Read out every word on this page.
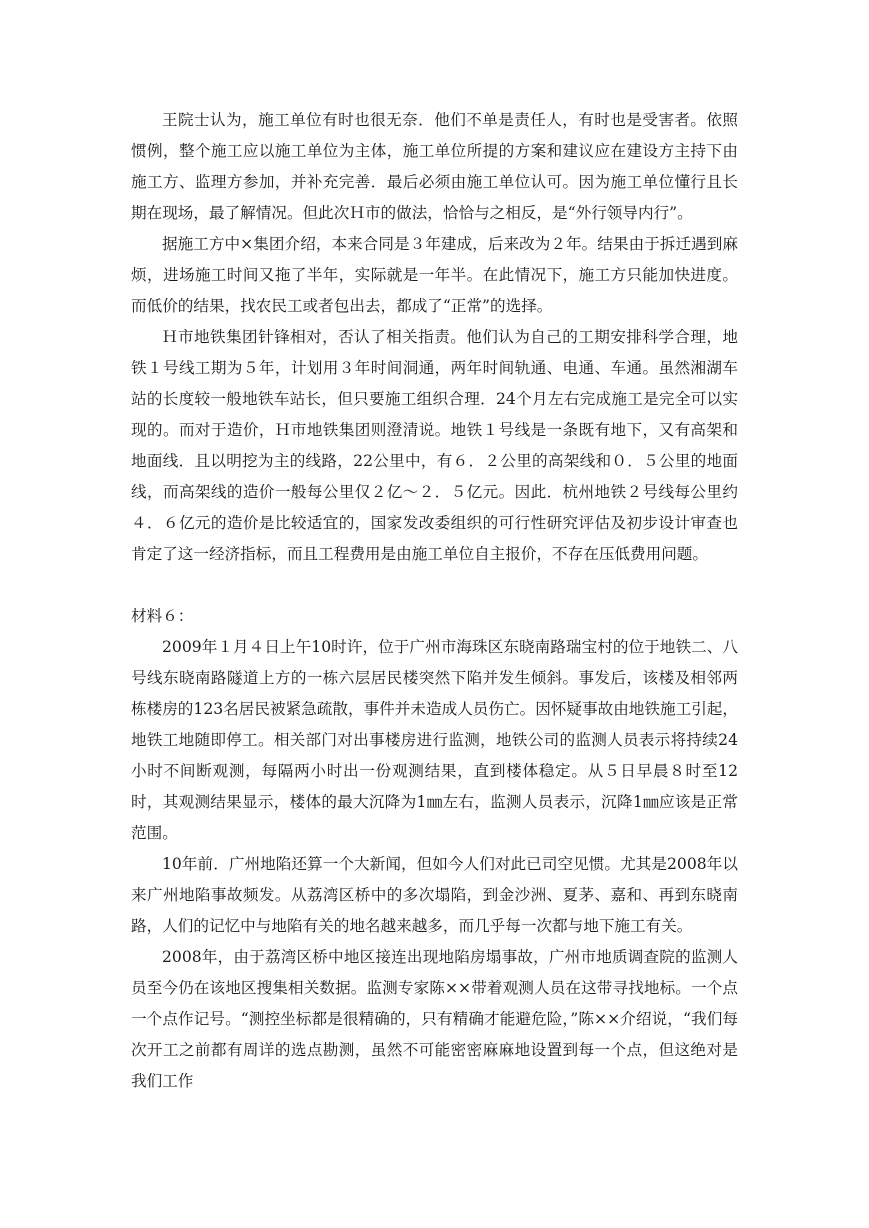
王院士认为，施工单位有时也很无奈．他们不单是责任人，有时也是受害者。依照惯例，整个施工应以施工单位为主体，施工单位所提的方案和建议应在建设方主持下由施工方、监理方参加，并补充完善．最后必须由施工单位认可。因为施工单位懂行且长期在现场，最了解情况。但此次Ｈ市的做法，恰恰与之相反，是“外行领导内行”。

据施工方中×集团介绍，本来合同是３年建成，后来改为２年。结果由于拆迁遇到麻烦，进场施工时间又拖了半年，实际就是一年半。在此情况下，施工方只能加快进度。而低价的结果，找农民工或者包出去，都成了“正常”的选择。

Ｈ市地铁集团针锋相对，否认了相关指责。他们认为自己的工期安排科学合理，地铁１号线工期为５年，计划用３年时间洞通，两年时间轨通、电通、车通。虽然湘湖车站的长度较一般地铁车站长，但只要施工组织合理．24个月左右完成施工是完全可以实现的。而对于造价，Ｈ市地铁集团则澄清说。地铁１号线是一条既有地下，又有高架和地面线．且以明挖为主的线路，22公里中，有６．２公里的高架线和０．５公里的地面线，而高架线的造价一般每公里仅２亿～２．５亿元。因此．杭州地铁２号线每公里约４．６亿元的造价是比较适宜的，国家发改委组织的可行性研究评估及初步设计审查也肯定了这一经济指标，而且工程费用是由施工单位自主报价，不存在压低费用问题。

材料６：

2009年１月４日上午10时许，位于广州市海珠区东晓南路瑞宝村的位于地铁二、八号线东晓南路隧道上方的一栋六层居民楼突然下陷并发生倾斜。事发后，该楼及相邻两栋楼房的123名居民被紧急疏散，事件并未造成人员伤亡。因怀疑事故由地铁施工引起，地铁工地随即停工。相关部门对出事楼房进行监测，地铁公司的监测人员表示将持续24小时不间断观测，每隔两小时出一份观测结果，直到楼体稳定。从５日早晨８时至12时，其观测结果显示，楼体的最大沉降为1㎜左右，监测人员表示，沉降1㎜应该是正常范围。

10年前．广州地陷还算一个大新闻，但如今人们对此已司空见惯。尤其是2008年以来广州地陷事故频发。从荔湾区桥中的多次塌陷，到金沙洲、夏茅、嘉和、再到东晓南路，人们的记忆中与地陷有关的地名越来越多，而几乎每一次都与地下施工有关。

2008年，由于荔湾区桥中地区接连出现地陷房塌事故，广州市地质调查院的监测人员至今仍在该地区搜集相关数据。监测专家陈××带着观测人员在这带寻找地标。一个点一个点作记号。“测控坐标都是很精确的，只有精确才能避危险，”陈××介绍说，“我们每次开工之前都有周详的选点勘测，虽然不可能密密麻麻地设置到每一个点，但这绝对是我们工作
